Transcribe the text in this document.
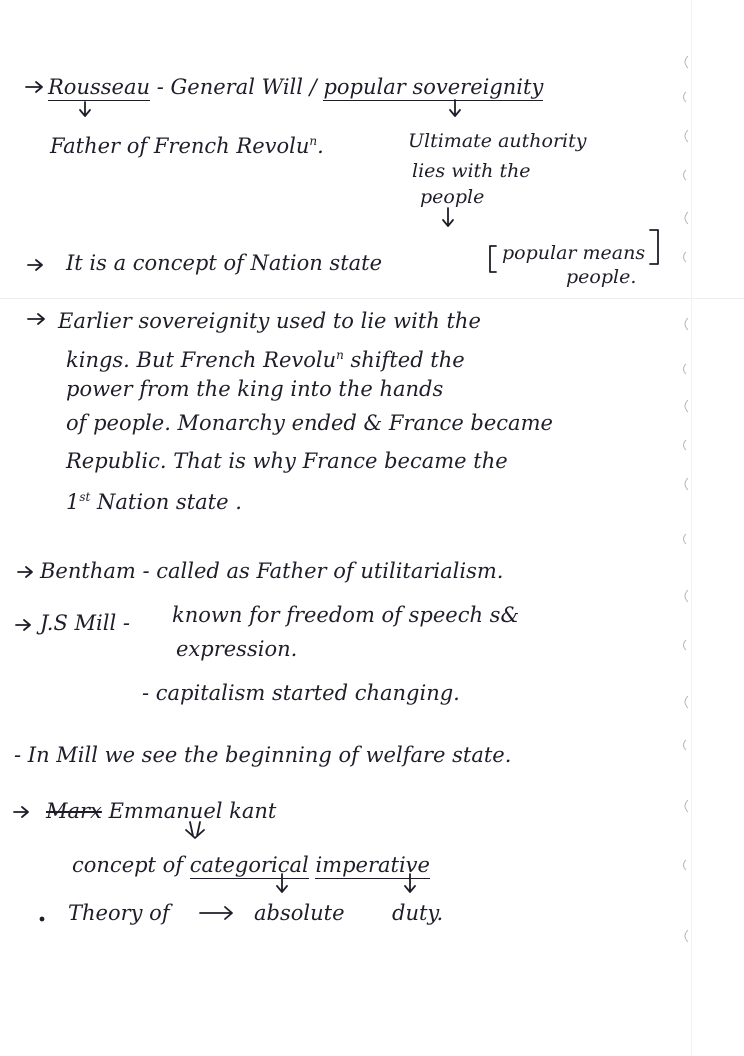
Rousseau - General Will / popular sovereignity
Father of French Revolu$^n$.	Ultimate authority
lies with the
people
It is a concept of Nation state	popular means
people.
Earlier sovereignity used to lie with the
kings. But French Revolu$^n$ shifted the
power from the king into the hands
of people. Monarchy ended & France became
Republic. That is why France became the
1st Nation state .
Bentham - called as Father of utilitarialism.
J.S Mill - known for freedom of speech s&
expression.
- capitalism started changing.
- In Mill we see the beginning of welfare state.
Marx Emmanuel kant
concept of categorical imperative
Theory of	absolute duty.
